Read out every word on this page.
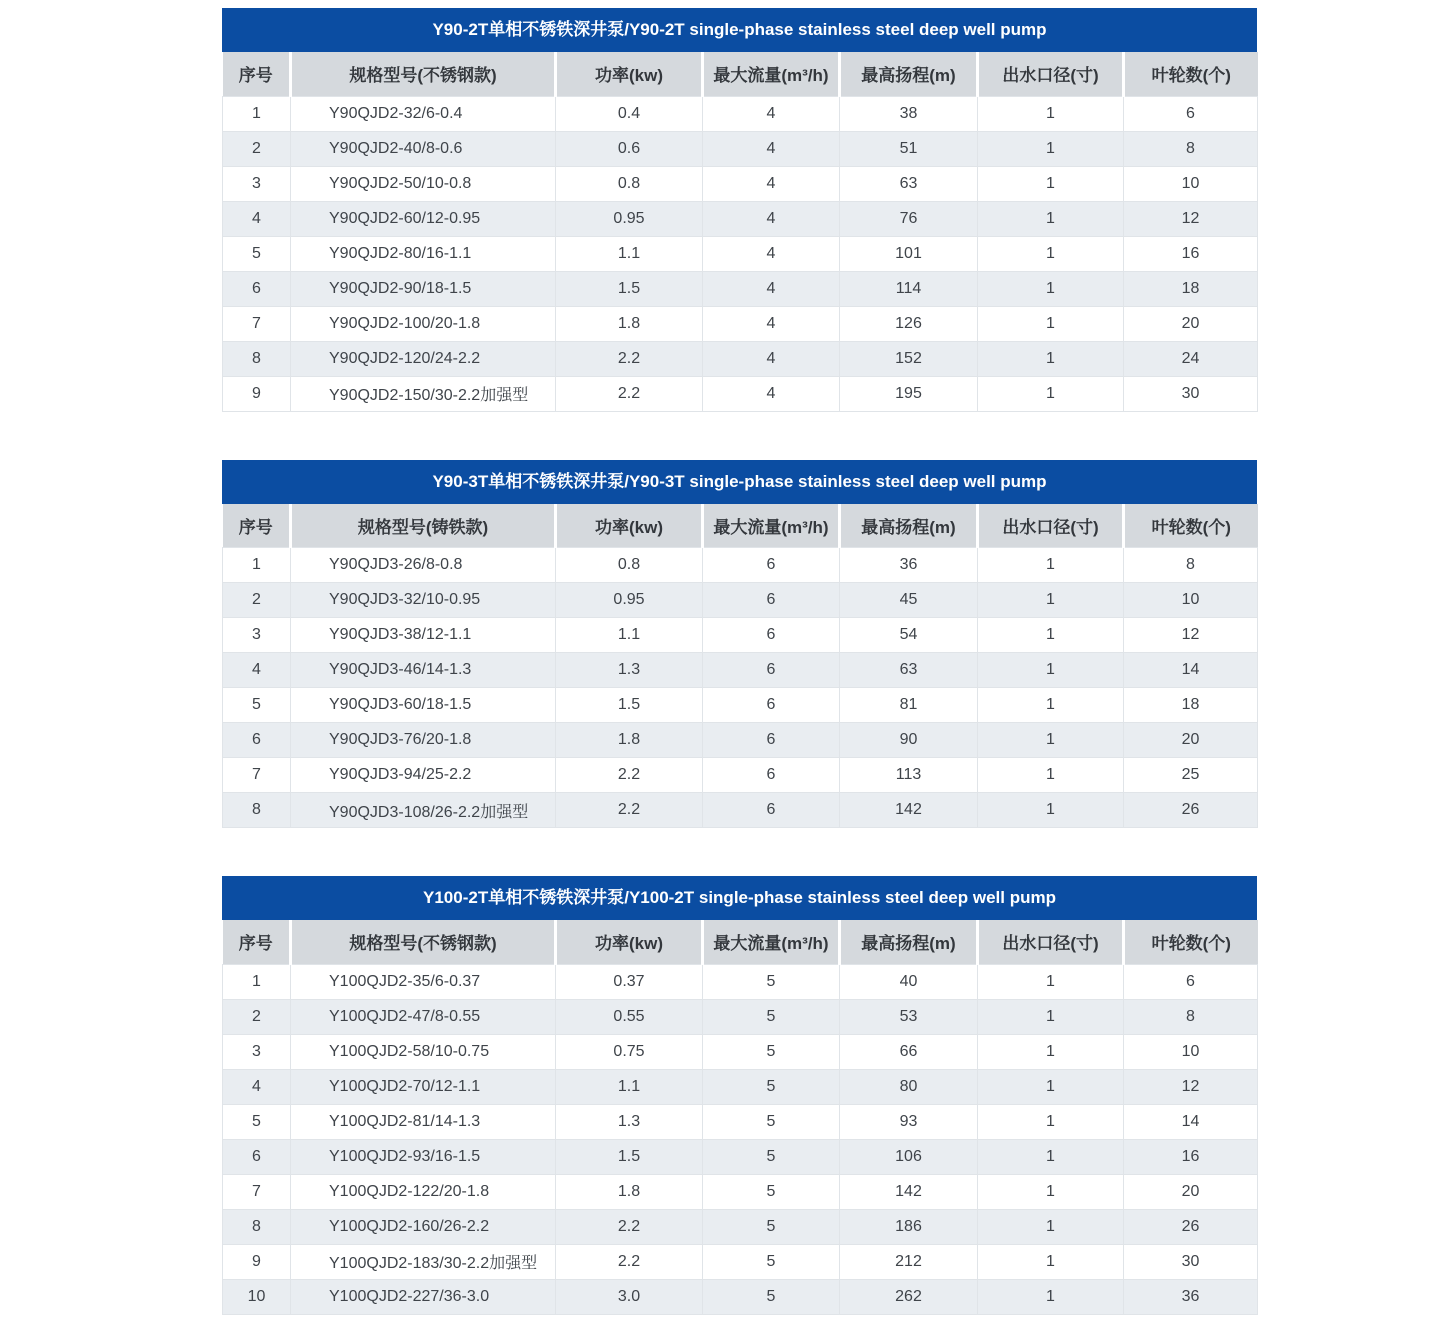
Y90-2T单相不锈铁深井泵/Y90-2T single-phase stainless steel deep well pump
序号	规格型号(不锈钢款)	功率(kw)	最大流量(m³/h)	最高扬程(m)	出水口径(寸)	叶轮数(个)
1	Y90QJD2-32/6-0.4	0.4	4	38	1	6
2	Y90QJD2-40/8-0.6	0.6	4	51	1	8
3	Y90QJD2-50/10-0.8	0.8	4	63	1	10
4	Y90QJD2-60/12-0.95	0.95	4	76	1	12
5	Y90QJD2-80/16-1.1	1.1	4	101	1	16
6	Y90QJD2-90/18-1.5	1.5	4	114	1	18
7	Y90QJD2-100/20-1.8	1.8	4	126	1	20
8	Y90QJD2-120/24-2.2	2.2	4	152	1	24
9	Y90QJD2-150/30-2.2加强型	2.2	4	195	1	30
Y90-3T单相不锈铁深井泵/Y90-3T single-phase stainless steel deep well pump
序号	规格型号(铸铁款)	功率(kw)	最大流量(m³/h)	最高扬程(m)	出水口径(寸)	叶轮数(个)
1	Y90QJD3-26/8-0.8	0.8	6	36	1	8
2	Y90QJD3-32/10-0.95	0.95	6	45	1	10
3	Y90QJD3-38/12-1.1	1.1	6	54	1	12
4	Y90QJD3-46/14-1.3	1.3	6	63	1	14
5	Y90QJD3-60/18-1.5	1.5	6	81	1	18
6	Y90QJD3-76/20-1.8	1.8	6	90	1	20
7	Y90QJD3-94/25-2.2	2.2	6	113	1	25
8	Y90QJD3-108/26-2.2加强型	2.2	6	142	1	26
Y100-2T单相不锈铁深井泵/Y100-2T single-phase stainless steel deep well pump
序号	规格型号(不锈钢款)	功率(kw)	最大流量(m³/h)	最高扬程(m)	出水口径(寸)	叶轮数(个)
1	Y100QJD2-35/6-0.37	0.37	5	40	1	6
2	Y100QJD2-47/8-0.55	0.55	5	53	1	8
3	Y100QJD2-58/10-0.75	0.75	5	66	1	10
4	Y100QJD2-70/12-1.1	1.1	5	80	1	12
5	Y100QJD2-81/14-1.3	1.3	5	93	1	14
6	Y100QJD2-93/16-1.5	1.5	5	106	1	16
7	Y100QJD2-122/20-1.8	1.8	5	142	1	20
8	Y100QJD2-160/26-2.2	2.2	5	186	1	26
9	Y100QJD2-183/30-2.2加强型	2.2	5	212	1	30
10	Y100QJD2-227/36-3.0	3.0	5	262	1	36
